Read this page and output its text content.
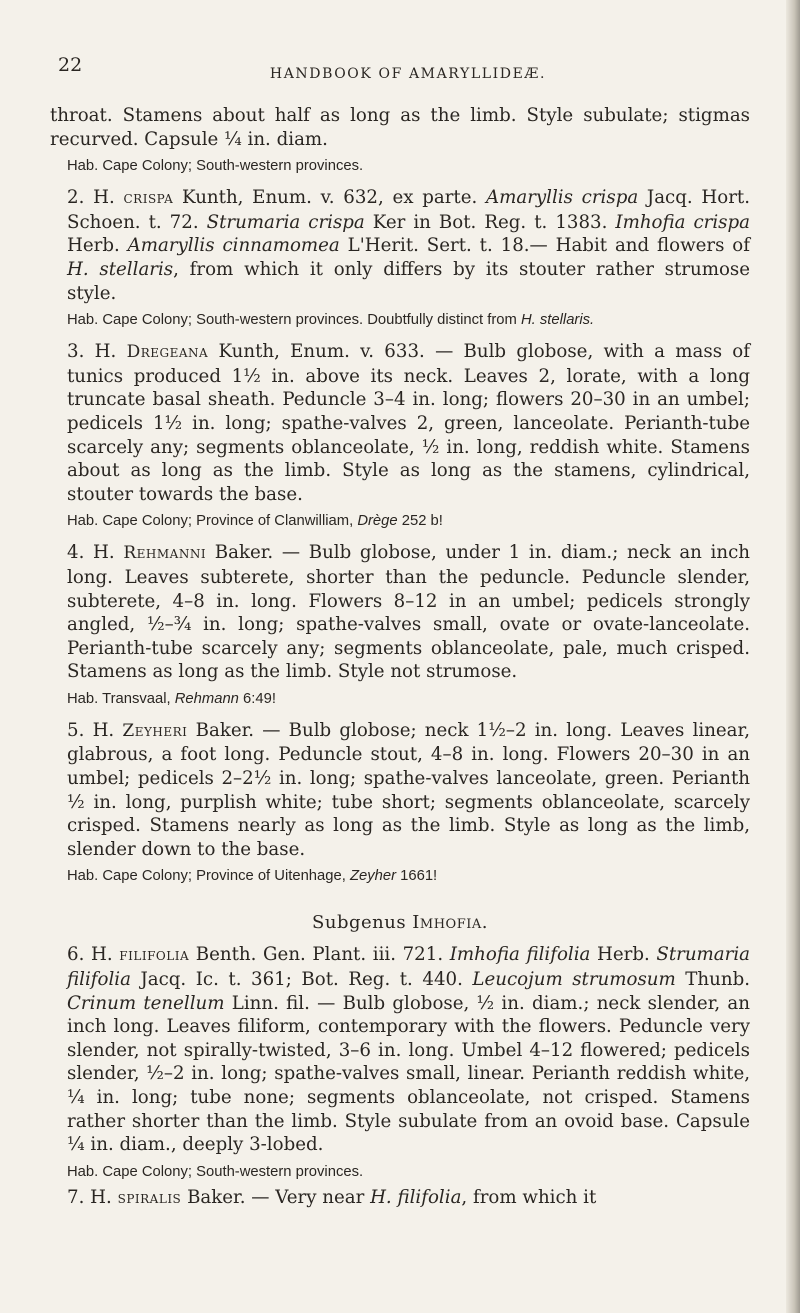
22	HANDBOOK OF AMARYLLIDEÆ.

throat. Stamens about half as long as the limb. Style subulate; stigmas recurved. Capsule ¼ in. diam.

Hab. Cape Colony; South-western provinces.

2. H. crispa Kunth, Enum. v. 632, ex parte. Amaryllis crispa Jacq. Hort. Schoen. t. 72. Strumaria crispa Ker in Bot. Reg. t. 1383. Imhofia crispa Herb. Amaryllis cinnamomea L'Herit. Sert. t. 18.— Habit and flowers of H. stellaris, from which it only differs by its stouter rather strumose style.

Hab. Cape Colony; South-western provinces. Doubtfully distinct from H. stellaris.

3. H. Dregeana Kunth, Enum. v. 633. — Bulb globose, with a mass of tunics produced 1½ in. above its neck. Leaves 2, lorate, with a long truncate basal sheath. Peduncle 3–4 in. long; flowers 20–30 in an umbel; pedicels 1½ in. long; spathe-valves 2, green, lanceolate. Perianth-tube scarcely any; segments oblanceolate, ½ in. long, reddish white. Stamens about as long as the limb. Style as long as the stamens, cylindrical, stouter towards the base.

Hab. Cape Colony; Province of Clanwilliam, Drège 252 b!

4. H. Rehmanni Baker. — Bulb globose, under 1 in. diam.; neck an inch long. Leaves subterete, shorter than the peduncle. Peduncle slender, subterete, 4–8 in. long. Flowers 8–12 in an umbel; pedicels strongly angled, ½–¾ in. long; spathe-valves small, ovate or ovate-lanceolate. Perianth-tube scarcely any; segments oblanceolate, pale, much crisped. Stamens as long as the limb. Style not strumose.

Hab. Transvaal, Rehmann 6:49!

5. H. Zeyheri Baker. — Bulb globose; neck 1½–2 in. long. Leaves linear, glabrous, a foot long. Peduncle stout, 4–8 in. long. Flowers 20–30 in an umbel; pedicels 2–2½ in. long; spathe-valves lanceolate, green. Perianth ½ in. long, purplish white; tube short; segments oblanceolate, scarcely crisped. Stamens nearly as long as the limb. Style as long as the limb, slender down to the base.

Hab. Cape Colony; Province of Uitenhage, Zeyher 1661!

Subgenus Imhofia.

6. H. filifolia Benth. Gen. Plant. iii. 721. Imhofia filifolia Herb. Strumaria filifolia Jacq. Ic. t. 361; Bot. Reg. t. 440. Leucojum strumosum Thunb. Crinum tenellum Linn. fil. — Bulb globose, ½ in. diam.; neck slender, an inch long. Leaves filiform, contemporary with the flowers. Peduncle very slender, not spirally-twisted, 3–6 in. long. Umbel 4–12 flowered; pedicels slender, ½–2 in. long; spathe-valves small, linear. Perianth reddish white, ¼ in. long; tube none; segments oblanceolate, not crisped. Stamens rather shorter than the limb. Style subulate from an ovoid base. Capsule ¼ in. diam., deeply 3-lobed.

Hab. Cape Colony; South-western provinces.

7. H. spiralis Baker. — Very near H. filifolia, from which it
